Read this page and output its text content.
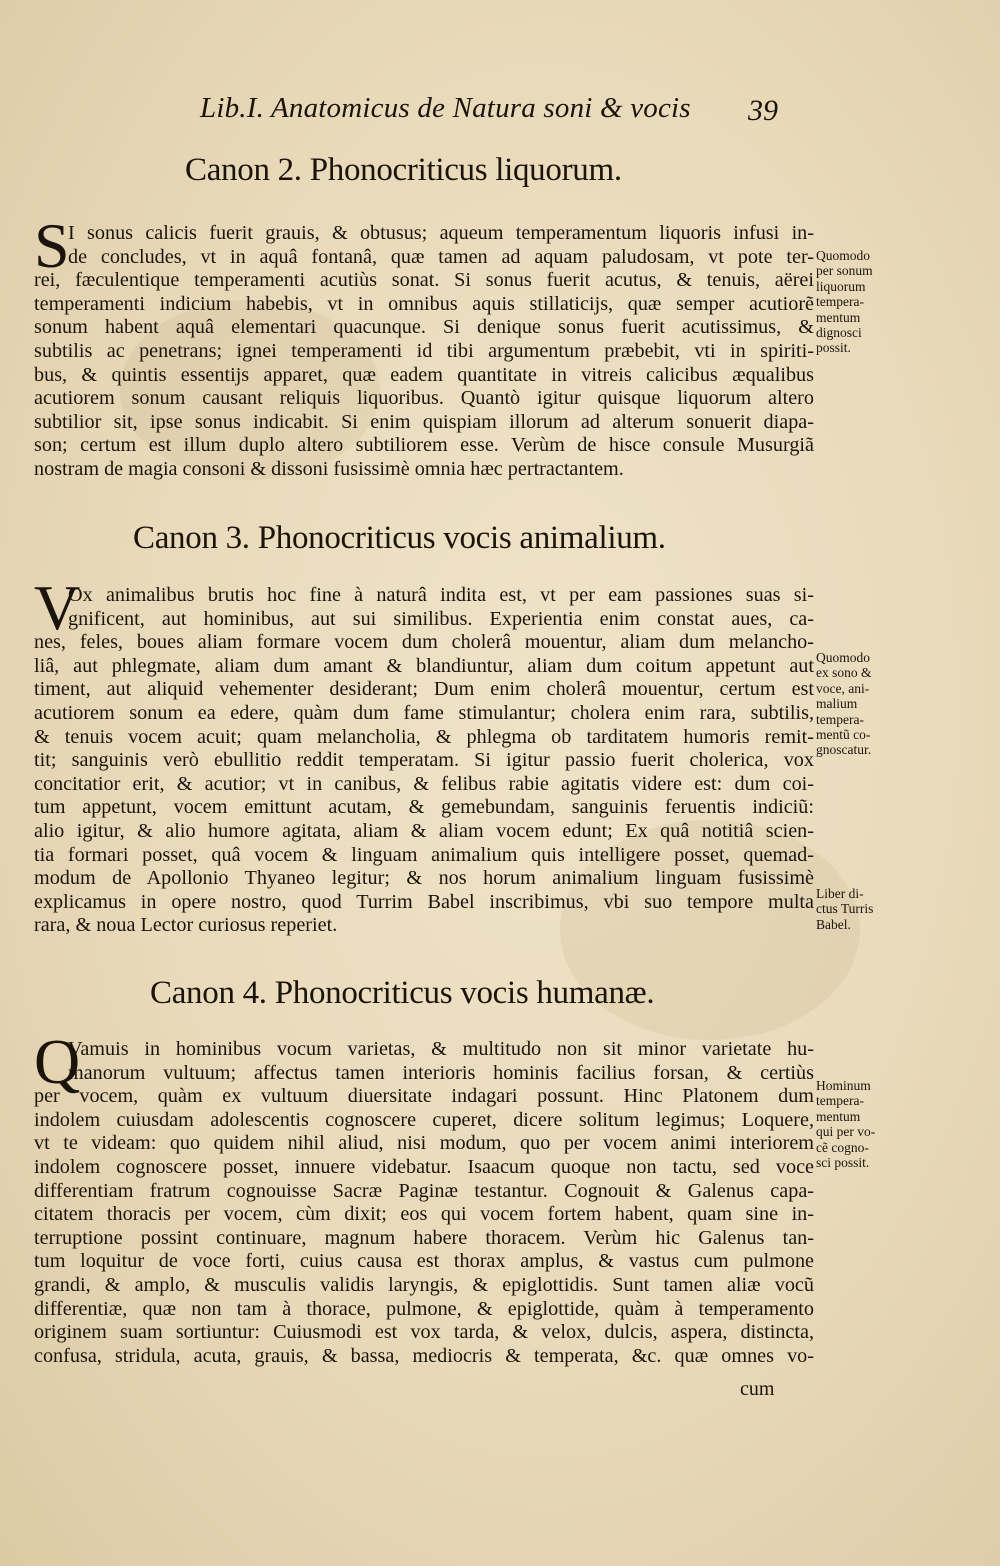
Lib.I. Anatomicus de Natura soni & vocis 39
Canon 2. Phonocriticus liquorum.
S
I sonus calicis fuerit grauis, & obtusus; aqueum temperamentum liquoris infusi in-
de concludes, vt in aquâ fontanâ, quæ tamen ad aquam paludosam, vt pote ter-
rei, fæculentique temperamenti acutiùs sonat. Si sonus fuerit acutus, & tenuis, aërei
temperamenti indicium habebis, vt in omnibus aquis stillaticijs, quæ semper acutiorẽ
sonum habent aquâ elementari quacunque. Si denique sonus fuerit acutissimus, &
subtilis ac penetrans; ignei temperamenti id tibi argumentum præbebit, vti in spiriti-
bus, & quintis essentijs apparet, quæ eadem quantitate in vitreis calicibus æqualibus
acutiorem sonum causant reliquis liquoribus. Quantò igitur quisque liquorum altero
subtilior sit, ipse sonus indicabit. Si enim quispiam illorum ad alterum sonuerit diapa-
son; certum est illum duplo altero subtiliorem esse. Verùm de hisce consule Musurgiã
nostram de magia consoni & dissoni fusissimè omnia hæc pertractantem.
Quomodo
per sonum
liquorum
tempera-
mentum
dignosci
possit.
Canon 3. Phonocriticus vocis animalium.
V
Ox animalibus brutis hoc fine à naturâ indita est, vt per eam passiones suas si-
gnificent, aut hominibus, aut sui similibus. Experientia enim constat aues, ca-
nes, feles, boues aliam formare vocem dum cholerâ mouentur, aliam dum melancho-
liâ, aut phlegmate, aliam dum amant & blandiuntur, aliam dum coitum appetunt aut
timent, aut aliquid vehementer desiderant; Dum enim cholerâ mouentur, certum est
acutiorem sonum ea edere, quàm dum fame stimulantur; cholera enim rara, subtilis,
& tenuis vocem acuit; quam melancholia, & phlegma ob tarditatem humoris remit-
tit; sanguinis verò ebullitio reddit temperatam. Si igitur passio fuerit cholerica, vox
concitatior erit, & acutior; vt in canibus, & felibus rabie agitatis videre est: dum coi-
tum appetunt, vocem emittunt acutam, & gemebundam, sanguinis feruentis indiciũ:
alio igitur, & alio humore agitata, aliam & aliam vocem edunt; Ex quâ notitiâ scien-
tia formari posset, quâ vocem & linguam animalium quis intelligere posset, quemad-
modum de Apollonio Thyaneo legitur; & nos horum animalium linguam fusissimè
explicamus in opere nostro, quod Turrim Babel inscribimus, vbi suo tempore multa
rara, & noua Lector curiosus reperiet.
Quomodo
ex sono &
voce, ani-
malium
tempera-
mentũ co-
gnoscatur.
Liber di-
ctus Turris
Babel.
Canon 4. Phonocriticus vocis humanæ.
Q
Vamuis in hominibus vocum varietas, & multitudo non sit minor varietate hu-
manorum vultuum; affectus tamen interioris hominis facilius forsan, & certiùs
per vocem, quàm ex vultuum diuersitate indagari possunt. Hinc Platonem dum
indolem cuiusdam adolescentis cognoscere cuperet, dicere solitum legimus; Loquere,
vt te videam: quo quidem nihil aliud, nisi modum, quo per vocem animi interiorem
indolem cognoscere posset, innuere videbatur. Isaacum quoque non tactu, sed voce
differentiam fratrum cognouisse Sacræ Paginæ testantur. Cognouit & Galenus capa-
citatem thoracis per vocem, cùm dixit; eos qui vocem fortem habent, quam sine in-
terruptione possint continuare, magnum habere thoracem. Verùm hic Galenus tan-
tum loquitur de voce forti, cuius causa est thorax amplus, & vastus cum pulmone
grandi, & amplo, & musculis validis laryngis, & epiglottidis. Sunt tamen aliæ vocũ
differentiæ, quæ non tam à thorace, pulmone, & epiglottide, quàm à temperamento
originem suam sortiuntur: Cuiusmodi est vox tarda, & velox, dulcis, aspera, distincta,
confusa, stridula, acuta, grauis, & bassa, mediocris & temperata, &c. quæ omnes vo-
Hominum
tempera-
mentum
qui per vo-
cẽ cogno-
sci possit.
cum
